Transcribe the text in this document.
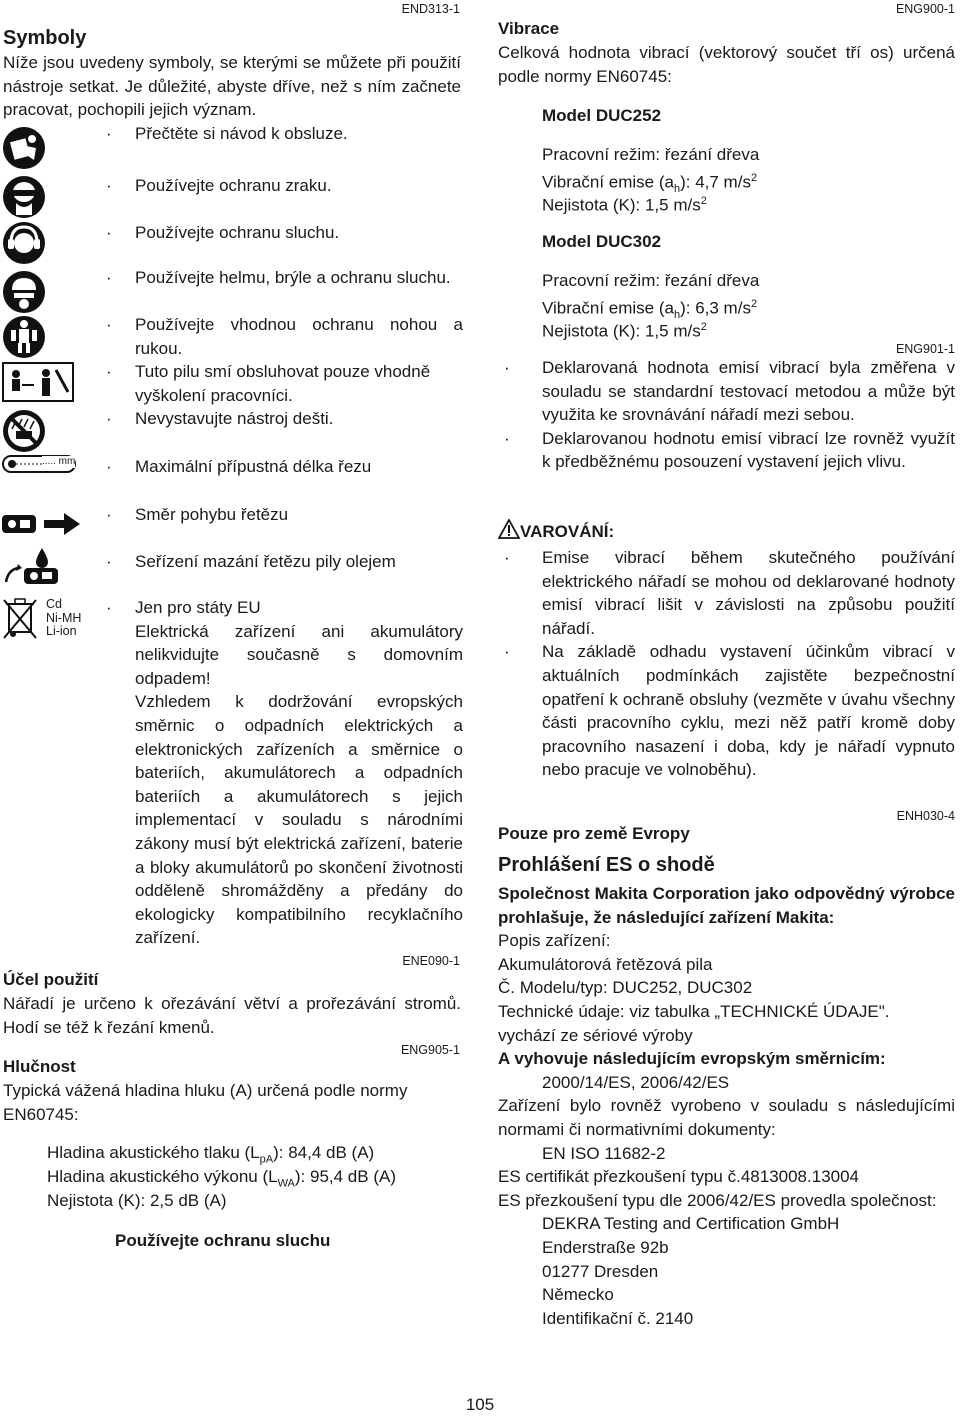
END313-1
Symboly
Níže jsou uvedeny symboly, se kterými se můžete při použití nástroje setkat. Je důležité, abyste dříve, než s ním začnete pracovat, pochopili jejich význam.
· Přečtěte si návod k obsluze.
· Používejte ochranu zraku.
· Používejte ochranu sluchu.
· Používejte helmu, brýle a ochranu sluchu.
· Používejte vhodnou ochranu nohou a rukou.
· Tuto pilu smí obsluhovat pouze vhodně vyškolení pracovníci.
· Nevystavujte nástroj dešti.
..... mm · Maximální přípustná délka řezu
· Směr pohybu řetězu
· Seřízení mazání řetězu pily olejem
Cd
Ni-MH
Li-ion
· Jen pro státy EU
Elektrická zařízení ani akumulátory nelikvidujte současně s domovním odpadem!
Vzhledem k dodržování evropských směrnic o odpadních elektrických a elektronických zařízeních a směrnice o bateriích, akumulátorech a odpadních bateriích a akumulátorech s jejich implementací v souladu s národními zákony musí být elektrická zařízení, baterie a bloky akumulátorů po skončení životnosti odděleně shromážděny a předány do ekologicky kompatibilního recyklačního zařízení.
ENE090-1
Účel použití
Nářadí je určeno k ořezávání větví a prořezávání stromů. Hodí se též k řezání kmenů.
ENG905-1
Hlučnost
Typická vážená hladina hluku (A) určená podle normy EN60745:
Hladina akustického tlaku $(L_{pA})$: 84,4 dB (A)
Hladina akustického výkonu $(L_{WA})$: 95,4 dB (A)
Nejistota (K): 2,5 dB (A)
Používejte ochranu sluchu
ENG900-1
Vibrace
Celková hodnota vibrací (vektorový součet tří os) určená podle normy EN60745:
Model DUC252
Pracovní režim: řezání dřeva
Vibrační emise $(a_h)$: 4,7 $m/s^2$
Nejistota (K): 1,5 $m/s^2$
Model DUC302
Pracovní režim: řezání dřeva
Vibrační emise $(a_h)$: 6,3 $m/s^2$
Nejistota (K): 1,5 $m/s^2$
ENG901-1
· Deklarovaná hodnota emisí vibrací byla změřena v souladu se standardní testovací metodou a může být využita ke srovnávání nářadí mezi sebou.
· Deklarovanou hodnotu emisí vibrací lze rovněž využít k předběžnému posouzení vystavení jejich vlivu.
VAROVÁNÍ:
· Emise vibrací během skutečného používání elektrického nářadí se mohou od deklarované hodnoty emisí vibrací lišit v závislosti na způsobu použití nářadí.
· Na základě odhadu vystavení účinkům vibrací v aktuálních podmínkách zajistěte bezpečnostní opatření k ochraně obsluhy (vezměte v úvahu všechny části pracovního cyklu, mezi něž patří kromě doby pracovního nasazení i doba, kdy je nářadí vypnuto nebo pracuje ve volnoběhu).
ENH030-4
Pouze pro země Evropy
Prohlášení ES o shodě
Společnost Makita Corporation jako odpovědný výrobce prohlašuje, že následující zařízení Makita:
Popis zařízení:
Akumulátorová řetězová pila
Č. Modelu/typ: DUC252, DUC302
Technické údaje: viz tabulka „TECHNICKÉ ÚDAJE".
vychází ze sériové výroby
A vyhovuje následujícím evropským směrnicím:
2000/14/ES, 2006/42/ES
Zařízení bylo rovněž vyrobeno v souladu s následujícími normami či normativními dokumenty:
EN ISO 11682-2
ES certifikát přezkoušení typu č.4813008.13004
ES přezkoušení typu dle 2006/42/ES provedla společnost:
DEKRA Testing and Certification GmbH
Enderstraße 92b
01277 Dresden
Německo
Identifikační č. 2140
105
